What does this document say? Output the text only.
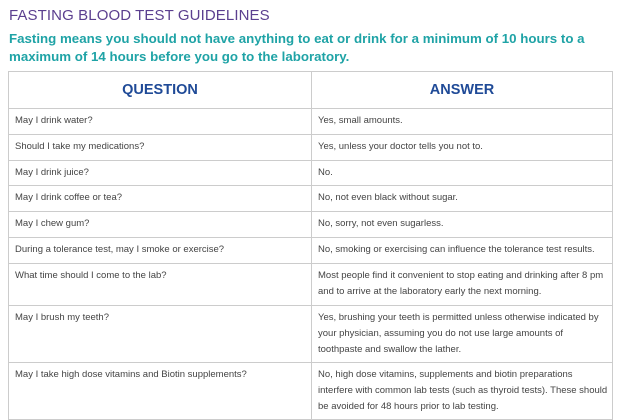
FASTING BLOOD TEST GUIDELINES
Fasting means you should not have anything to eat or drink for a minimum of 10 hours to a maximum of 14 hours before you go to the laboratory.
QUESTION	ANSWER
May I drink water?	Yes, small amounts.
Should I take my medications?	Yes, unless your doctor tells you not to.
May I drink juice?	No.
May I drink coffee or tea?	No, not even black without sugar.
May I chew gum?	No, sorry, not even sugarless.
During a tolerance test, may I smoke or exercise?	No, smoking or exercising can influence the tolerance test results.
What time should I come to the lab?	Most people find it convenient to stop eating and drinking after 8 pm and to arrive at the laboratory early the next morning.
May I brush my teeth?	Yes, brushing your teeth is permitted unless otherwise indicated by your physician, assuming you do not use large amounts of toothpaste and swallow the lather.
May I take high dose vitamins and Biotin supplements?	No, high dose vitamins, supplements and biotin preparations interfere with common lab tests (such as thyroid tests). These should be avoided for 48 hours prior to lab testing.
